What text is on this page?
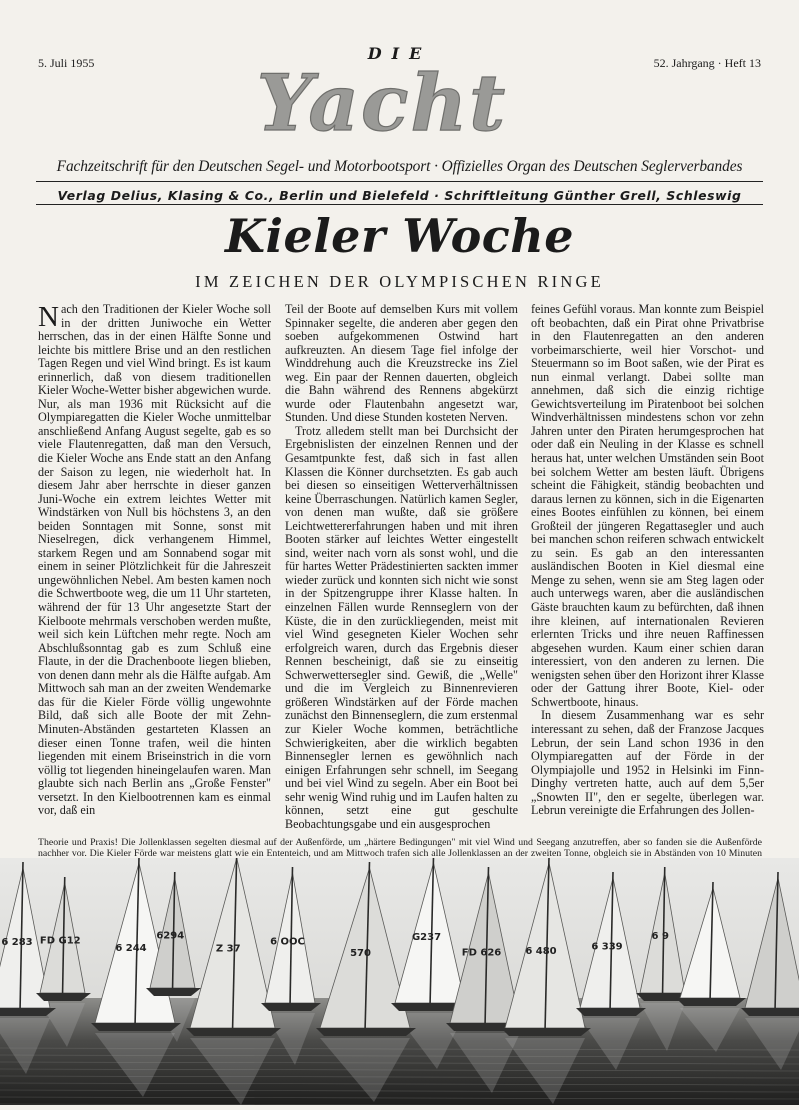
5. Juli 1955	52. Jahrgang · Heft 13
DIE
Yacht
Fachzeitschrift für den Deutschen Segel- und Motorbootsport · Offizielles Organ des Deutschen Seglerverbandes
Verlag Delius, Klasing & Co., Berlin und Bielefeld · Schriftleitung Günther Grell, Schleswig
Kieler Woche
IM ZEICHEN DER OLYMPISCHEN RINGE

Nach den Traditionen der Kieler Woche soll in der dritten Juniwoche ein Wetter herrschen, das in der einen Hälfte Sonne und leichte bis mittlere Brise und an den restlichen Tagen Regen und viel Wind bringt. Es ist kaum erinnerlich, daß von diesem traditionellen Kieler Woche-Wetter bisher abgewichen wurde. Nur, als man 1936 mit Rücksicht auf die Olympiaregatten die Kieler Woche unmittelbar anschließend Anfang August segelte, gab es so viele Flautenregatten, daß man den Versuch, die Kieler Woche ans Ende statt an den Anfang der Saison zu legen, nie wiederholt hat. In diesem Jahr aber herrschte in dieser ganzen Juni-Woche ein extrem leichtes Wetter mit Windstärken von Null bis höchstens 3, an den beiden Sonntagen mit Sonne, sonst mit Nieselregen, dick verhangenem Himmel, starkem Regen und am Sonnabend sogar mit einem in seiner Plötzlichkeit für die Jahreszeit ungewöhnlichen Nebel. Am besten kamen noch die Schwertboote weg, die um 11 Uhr starteten, während der für 13 Uhr angesetzte Start der Kielboote mehrmals verschoben werden mußte, weil sich kein Lüftchen mehr regte. Noch am Abschlußsonntag gab es zum Schluß eine Flaute, in der die Drachenboote liegen blieben, von denen dann mehr als die Hälfte aufgab. Am Mittwoch sah man an der zweiten Wendemarke das für die Kieler Förde völlig ungewohnte Bild, daß sich alle Boote der mit Zehn-Minuten-Abständen gestarteten Klassen an dieser einen Tonne trafen, weil die hinten liegenden mit einem Briseinstrich in die vorn völlig tot liegenden hineingelaufen waren. Man glaubte sich nach Berlin ans „Große Fenster" versetzt. In den Kielbootrennen kam es einmal vor, daß ein

Teil der Boote auf demselben Kurs mit vollem Spinnaker segelte, die anderen aber gegen den soeben aufgekommenen Ostwind hart aufkreuzten. An diesem Tage fiel infolge der Winddrehung auch die Kreuzstrecke ins Ziel weg. Ein paar der Rennen dauerten, obgleich die Bahn während des Rennens abgekürzt wurde oder Flautenbahn angesetzt war, Stunden. Und diese Stunden kosteten Nerven.

Trotz alledem stellt man bei Durchsicht der Ergebnislisten der einzelnen Rennen und der Gesamtpunkte fest, daß sich in fast allen Klassen die Könner durchsetzten. Es gab auch bei diesen so einseitigen Wetterverhältnissen keine Überraschungen. Natürlich kamen Segler, von denen man wußte, daß sie größere Leichtwettererfahrungen haben und mit ihren Booten stärker auf leichtes Wetter eingestellt sind, weiter nach vorn als sonst wohl, und die für hartes Wetter Prädestinierten sackten immer wieder zurück und konnten sich nicht wie sonst in der Spitzengruppe ihrer Klasse halten. In einzelnen Fällen wurde Rennseglern von der Küste, die in den zurückliegenden, meist mit viel Wind gesegneten Kieler Wochen sehr erfolgreich waren, durch das Ergebnis dieser Rennen bescheinigt, daß sie zu einseitig Schwerwettersegler sind. Gewiß, die „Welle" und die im Vergleich zu Binnenrevieren größeren Windstärken auf der Förde machen zunächst den Binnenseglern, die zum erstenmal zur Kieler Woche kommen, beträchtliche Schwierigkeiten, aber die wirklich begabten Binnensegler lernen es gewöhnlich nach einigen Erfahrungen sehr schnell, im Seegang und bei viel Wind zu segeln. Aber ein Boot bei sehr wenig Wind ruhig und im Laufen halten zu können, setzt eine gut geschulte Beobachtungsgabe und ein ausgesprochen

feines Gefühl voraus. Man konnte zum Beispiel oft beobachten, daß ein Pirat ohne Privatbrise in den Flautenregatten an den anderen vorbeimarschierte, weil hier Vorschot- und Steuermann so im Boot saßen, wie der Pirat es nun einmal verlangt. Dabei sollte man annehmen, daß sich die einzig richtige Gewichtsverteilung im Piratenboot bei solchen Windverhältnissen mindestens schon vor zehn Jahren unter den Piraten herumgesprochen hat oder daß ein Neuling in der Klasse es schnell heraus hat, unter welchen Umständen sein Boot bei solchem Wetter am besten läuft. Übrigens scheint die Fähigkeit, ständig beobachten und daraus lernen zu können, sich in die Eigenarten eines Bootes einfühlen zu können, bei einem Großteil der jüngeren Regattasegler und auch bei manchen schon reiferen schwach entwickelt zu sein. Es gab an den interessanten ausländischen Booten in Kiel diesmal eine Menge zu sehen, wenn sie am Steg lagen oder auch unterwegs waren, aber die ausländischen Gäste brauchten kaum zu befürchten, daß ihnen ihre kleinen, auf internationalen Revieren erlernten Tricks und ihre neuen Raffinessen abgesehen wurden. Kaum einer schien daran interessiert, von den anderen zu lernen. Die wenigsten sehen über den Horizont ihrer Klasse oder der Gattung ihrer Boote, Kiel- oder Schwertboote, hinaus.

In diesem Zusammenhang war es sehr interessant zu sehen, daß der Franzose Jacques Lebrun, der sein Land schon 1936 in den Olympiaregatten auf der Förde in der Olympiajolle und 1952 in Helsinki im Finn-Dinghy vertreten hatte, auch auf dem 5,5er „Snowten II", den er segelte, überlegen war. Lebrun vereinigte die Erfahrungen des Jollen-

Theorie und Praxis! Die Jollenklassen segelten diesmal auf der Außenförde, um „härtere Bedingungen" mit viel Wind und Seegang anzutreffen, aber so fanden sie die Außenförde nachher vor. Die Kieler Förde war meistens glatt wie ein Ententeich, und am Mittwoch trafen sich alle Jollenklassen an der zweiten Tonne, obgleich sie in Abständen von 10 Minuten
6 283 FD G12
6 244
6294
Z 37
6 OOC
570
G237
FD 626 6 480	6 339
6 9
